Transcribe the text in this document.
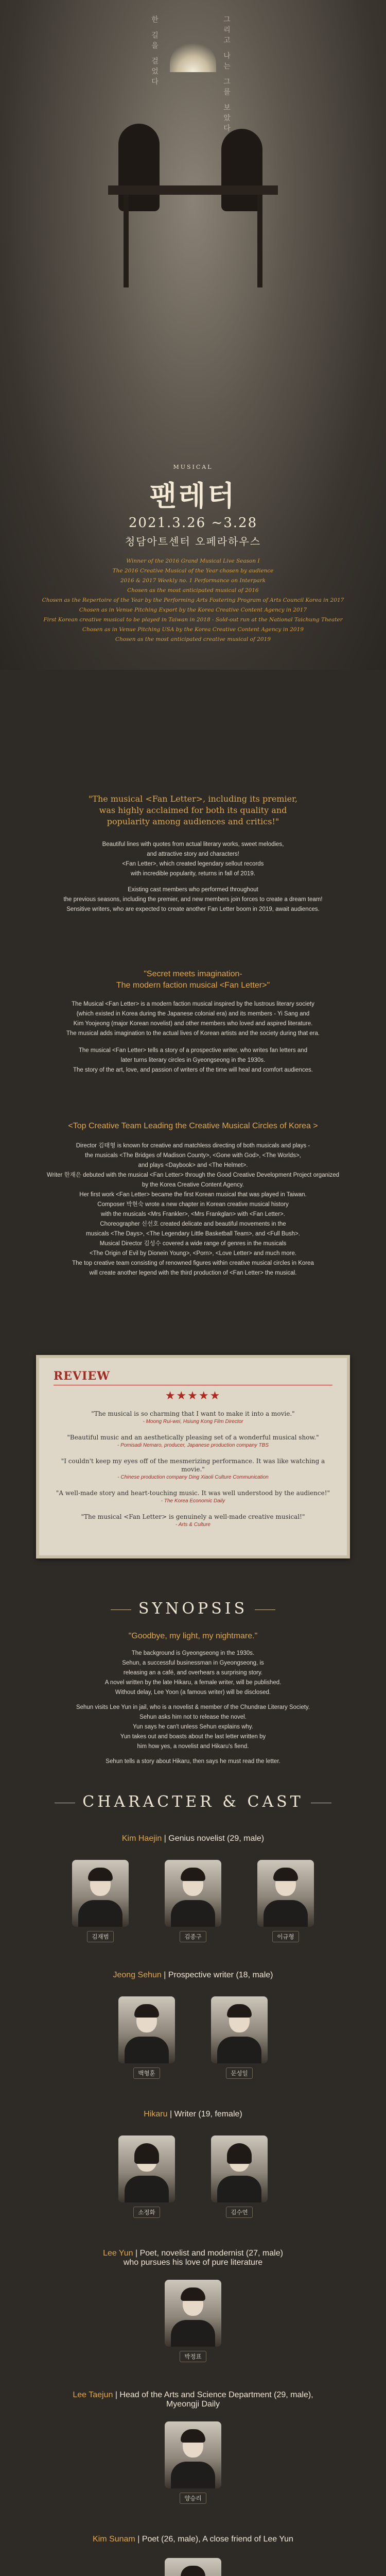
한 길을 걸었다	그리고 나는 그를 보았다
MUSICAL
팬레터
2021.3.26 ~3.28
청담아트센터 오페라하우스
Winner of the 2016 Grand Musical Live Season I
The 2016 Creative Musical of the Year chosen by audience
2016 & 2017 Weekly no. 1 Performance on Interpark
Chosen as the most anticipated musical of 2016
Chosen as the Repertoire of the Year by the Performing Arts Fostering Program of Arts Council Korea in 2017
Chosen as in Venue Pitching Export by the Korea Creative Content Agency in 2017
First Korean creative musical to be played in Taiwan in 2018 - Sold-out run at the National Taichung Theater
Chosen as in Venue Pitching USA by the Korea Creative Content Agency in 2019
Chosen as the most anticipated creative musical of 2019
"The musical <Fan Letter>, including its premier, was highly acclaimed for both its quality and popularity among audiences and critics!"
Beautiful lines with quotes from actual literary works, sweet melodies,
and attractive story and characters!
<Fan Letter>, which created legendary sellout records
with incredible popularity, returns in fall of 2019.
Existing cast members who performed throughout
the previous seasons, including the premier, and new members join forces to create a dream team!
Sensitive writers, who are expected to create another Fan Letter boom in 2019, await audiences.
"Secret meets imagination-
The modern faction musical <Fan Letter>"
The Musical <Fan Letter> is a modern faction musical inspired by the lustrous literary society
(which existed in Korea during the Japanese colonial era) and its members - Yi Sang and
Kim Yoojeong (major Korean novelist) and other members who loved and aspired literature.
The musical adds imagination to the actual lives of Korean artists and the society during that era.
The musical <Fan Letter> tells a story of a prospective writer, who writes fan letters and
later turns literary circles in Gyeongseong in the 1930s.
The story of the art, love, and passion of writers of the time will heal and comfort audiences.
<Top Creative Team Leading the Creative Musical Circles of Korea >
Director 김태형 is known for creative and matchless directing of both musicals and plays -
the musicals <The Bridges of Madison County>, <Gone with God>, <The Worlds>,
and plays <Daybook> and <The Helmet>.
Writer 한재은 debuted with the musical <Fan Letter> through the Good Creative Development Project organized
by the Korea Creative Content Agency.
Her first work <Fan Letter> became the first Korean musical that was played in Taiwan.
Composer 박현숙 wrote a new chapter in Korean creative musical history
with the musicals <Mrs Frankler>, <Mrs Frankglan> with <Fan Letter>.
Choreographer 신선호 created delicate and beautiful movements in the
musicals <The Days>, <The Legendary Little Basketball Team>, and <Full Bush>.
Musical Director 김성수 covered a wide range of genres in the musicals
<The Origin of Evil by Dionein Young>, <Porn>, <Love Letter> and much more.
The top creative team consisting of renowned figures within creative musical circles in Korea
will create another legend with the third production of <Fan Letter> the musical.
REVIEW
★★★★★
"The musical is so charming that I want to make it into a movie."
- Moong Rui-wei, Hsiung Kong Film Director
"Beautiful music and an aesthetically pleasing set of a wonderful musical show."
- Pomisadi Nemaro, producer, Japanese production company TBS
"I couldn't keep my eyes off of the mesmerizing performance. It was like watching a movie."
- Chinese production company Ding Xiaoli Culture Communication
"A well-made story and heart-touching music. It was well understood by the audience!"
- The Korea Economic Daily
"The musical <Fan Letter> is genuinely a well-made creative musical!"
- Arts & Culture
SYNOPSIS
"Goodbye, my light, my nightmare."
The background is Gyeongseong in the 1930s.
Sehun, a successful businessman in Gyeongseong, is
releasing an a café, and overhears a surprising story.
A novel written by the late Hikaru, a female writer, will be published.
Without delay, Lee Yoon (a famous writer) will be disclosed.
Sehun visits Lee Yun in jail, who is a novelist & member of the Chundrae Literary Society.
Sehun asks him not to release the novel.
Yun says he can't unless Sehun explains why.
Yun takes out and boasts about the last letter written by
him how yes, a novelist and Hikaru's fiend.
Sehun tells a story about Hikaru, then says he must read the letter.
CHARACTER & CAST
Kim Haejin | Genius novelist (29, male)
김재범	김종구	이규형
Jeong Sehun | Prospective writer (18, male)
백형훈	문성일
Hikaru | Writer (19, female)
소정화	김수연
Lee Yun | Poet, novelist and modernist (27, male)
who pursues his love of pure literature
박정표
Lee Taejun | Head of the Arts and Science Department (29, male),
Myeongji Daily
양승리
Kim Sunam | Poet (26, male), A close friend of Lee Yun
